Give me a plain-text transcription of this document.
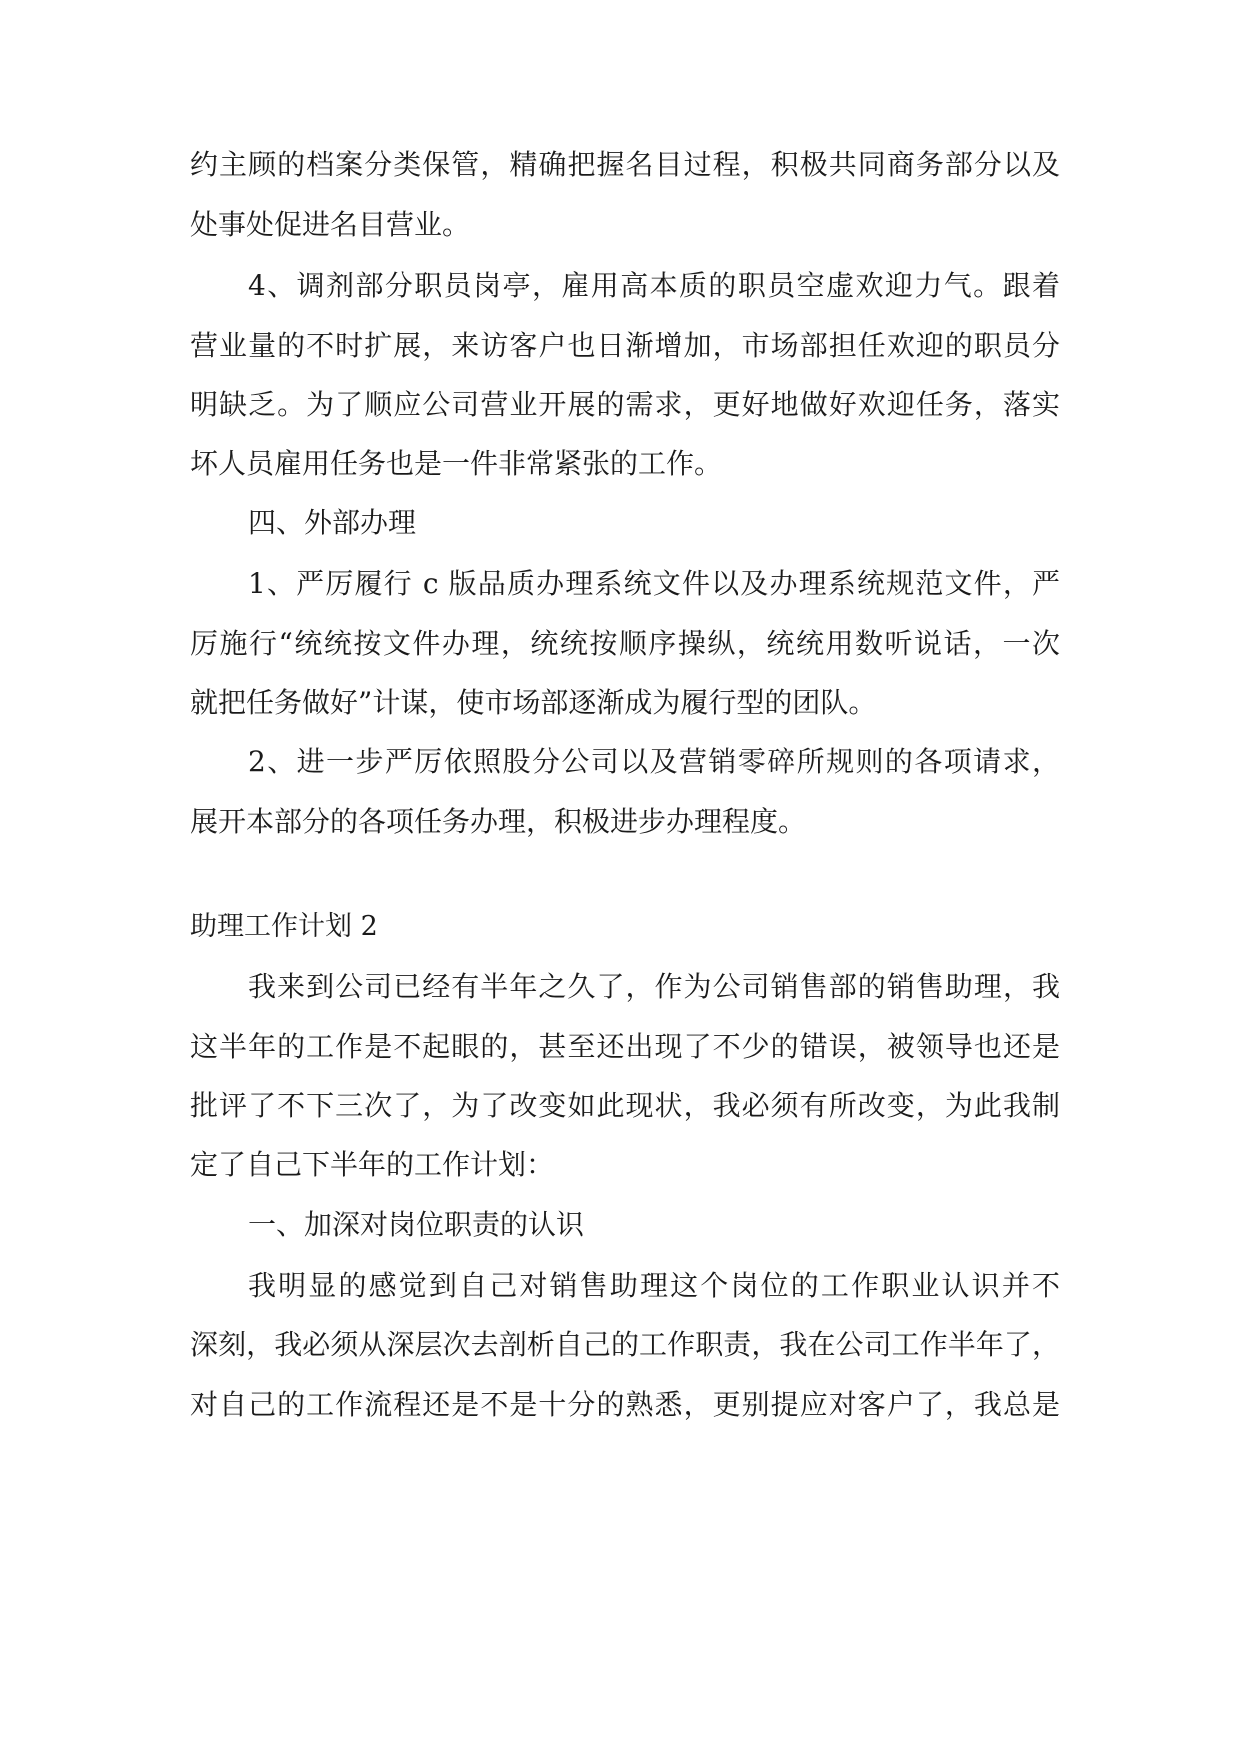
约主顾的档案分类保管，精确把握名目过程，积极共同商务部分以及
处事处促进名目营业。
4、调剂部分职员岗亭，雇用高本质的职员空虚欢迎力气。跟着
营业量的不时扩展，来访客户也日渐增加，市场部担任欢迎的职员分
明缺乏。为了顺应公司营业开展的需求，更好地做好欢迎任务，落实
坏人员雇用任务也是一件非常紧张的工作。
四、外部办理
1、严厉履行 c 版品质办理系统文件以及办理系统规范文件，严
厉施行“统统按文件办理，统统按顺序操纵，统统用数听说话，一次
就把任务做好”计谋，使市场部逐渐成为履行型的团队。
2、进一步严厉依照股分公司以及营销零碎所规则的各项请求，
展开本部分的各项任务办理，积极进步办理程度。
助理工作计划 2
我来到公司已经有半年之久了，作为公司销售部的销售助理，我
这半年的工作是不起眼的，甚至还出现了不少的错误，被领导也还是
批评了不下三次了，为了改变如此现状，我必须有所改变，为此我制
定了自己下半年的工作计划：
一、加深对岗位职责的认识
我明显的感觉到自己对销售助理这个岗位的工作职业认识并不
深刻，我必须从深层次去剖析自己的工作职责，我在公司工作半年了，
对自己的工作流程还是不是十分的熟悉，更别提应对客户了，我总是
